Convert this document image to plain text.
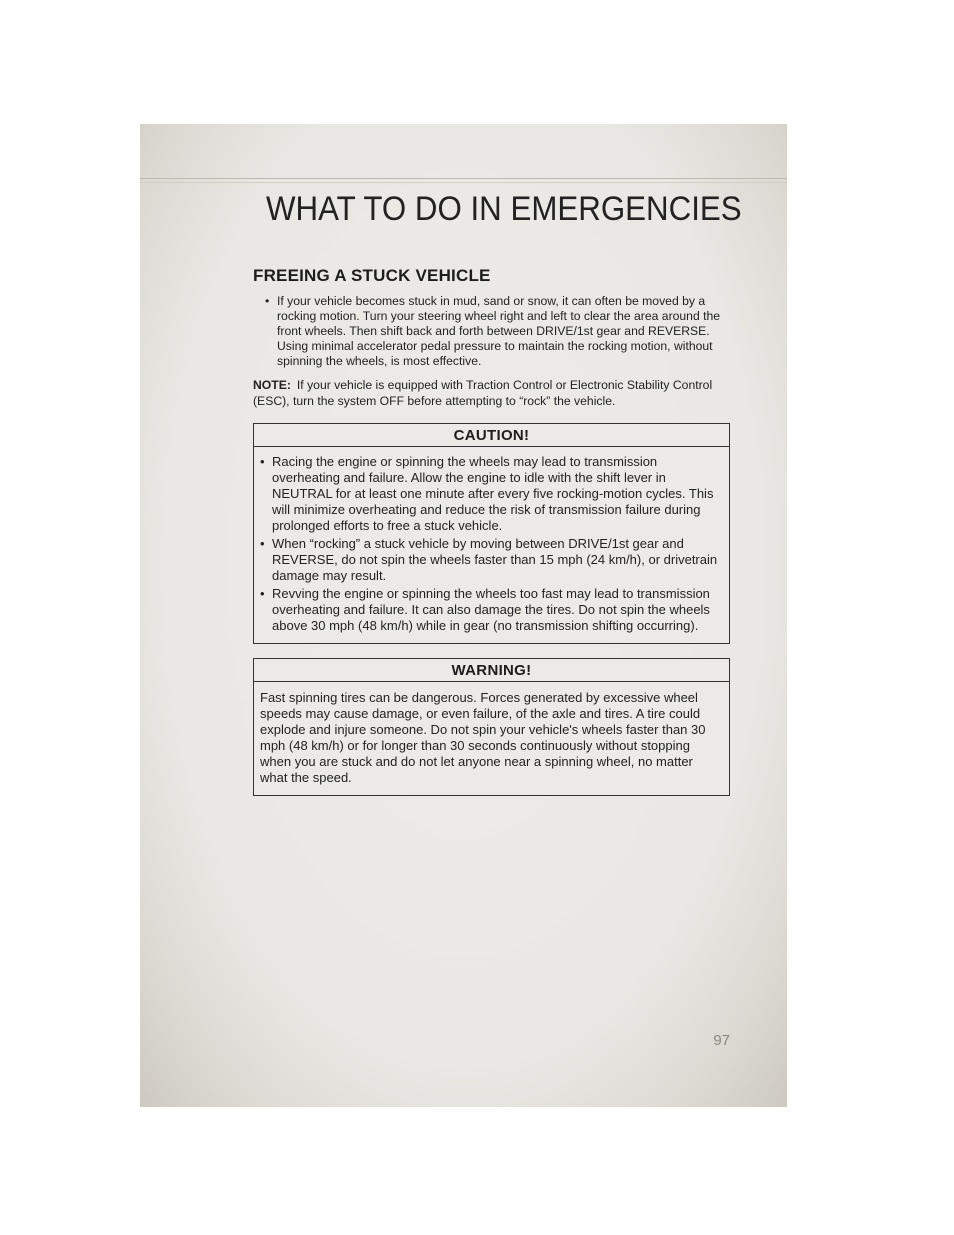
WHAT TO DO IN EMERGENCIES
FREEING A STUCK VEHICLE
• If your vehicle becomes stuck in mud, sand or snow, it can often be moved by a rocking motion. Turn your steering wheel right and left to clear the area around the front wheels. Then shift back and forth between DRIVE/1st gear and REVERSE. Using minimal accelerator pedal pressure to maintain the rocking motion, without spinning the wheels, is most effective.

NOTE: If your vehicle is equipped with Traction Control or Electronic Stability Control (ESC), turn the system OFF before attempting to “rock” the vehicle.

CAUTION!
• Racing the engine or spinning the wheels may lead to transmission overheating and failure. Allow the engine to idle with the shift lever in NEUTRAL for at least one minute after every five rocking-motion cycles. This will minimize overheating and reduce the risk of transmission failure during prolonged efforts to free a stuck vehicle.
• When “rocking” a stuck vehicle by moving between DRIVE/1st gear and REVERSE, do not spin the wheels faster than 15 mph (24 km/h), or drivetrain damage may result.
• Revving the engine or spinning the wheels too fast may lead to transmission overheating and failure. It can also damage the tires. Do not spin the wheels above 30 mph (48 km/h) while in gear (no transmission shifting occurring).
WARNING!
Fast spinning tires can be dangerous. Forces generated by excessive wheel speeds may cause damage, or even failure, of the axle and tires. A tire could explode and injure someone. Do not spin your vehicle's wheels faster than 30 mph (48 km/h) or for longer than 30 seconds continuously without stopping when you are stuck and do not let anyone near a spinning wheel, no matter what the speed.
97
